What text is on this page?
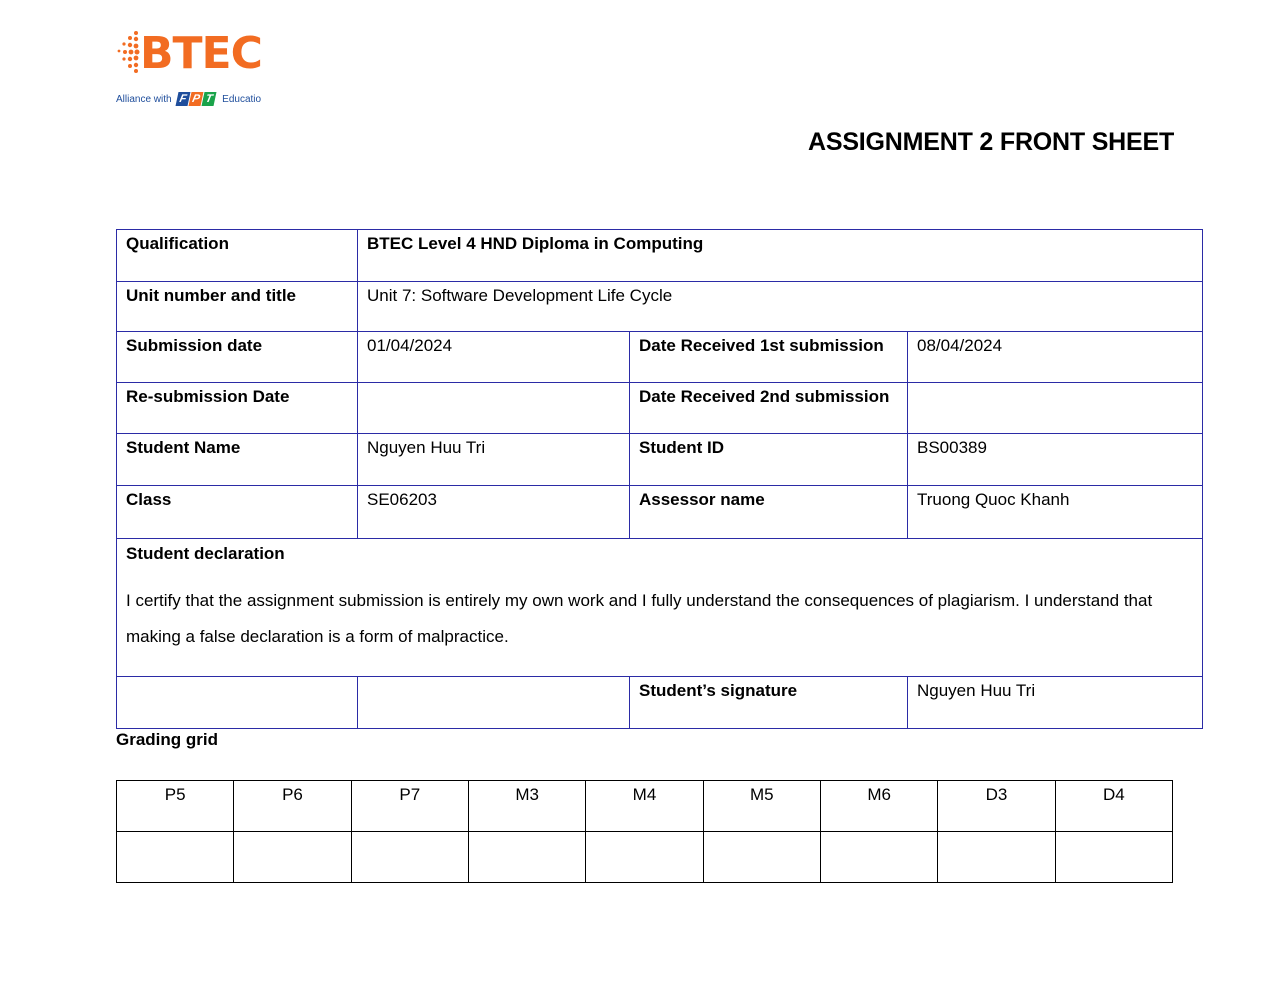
BTEC
Alliance with F P T Educatio
ASSIGNMENT 2 FRONT SHEET
Qualification	BTEC Level 4 HND Diploma in Computing		
Unit number and title	Unit 7: Software Development Life Cycle		
Submission date	01/04/2024	Date Received 1st submission	08/04/2024
Re-submission Date		Date Received 2nd submission	
Student Name	Nguyen Huu Tri	Student ID	BS00389
Class	SE06203	Assessor name	Truong Quoc Khanh

Student declaration
I certify that the assignment submission is entirely my own work and I fully understand the consequences of plagiarism. I understand that making a false declaration is a form of malpractice.			

		Student’s signature	Nguyen Huu Tri
Grading grid
P5	P6	P7	M3	M4	M5	M6	D3	D4
